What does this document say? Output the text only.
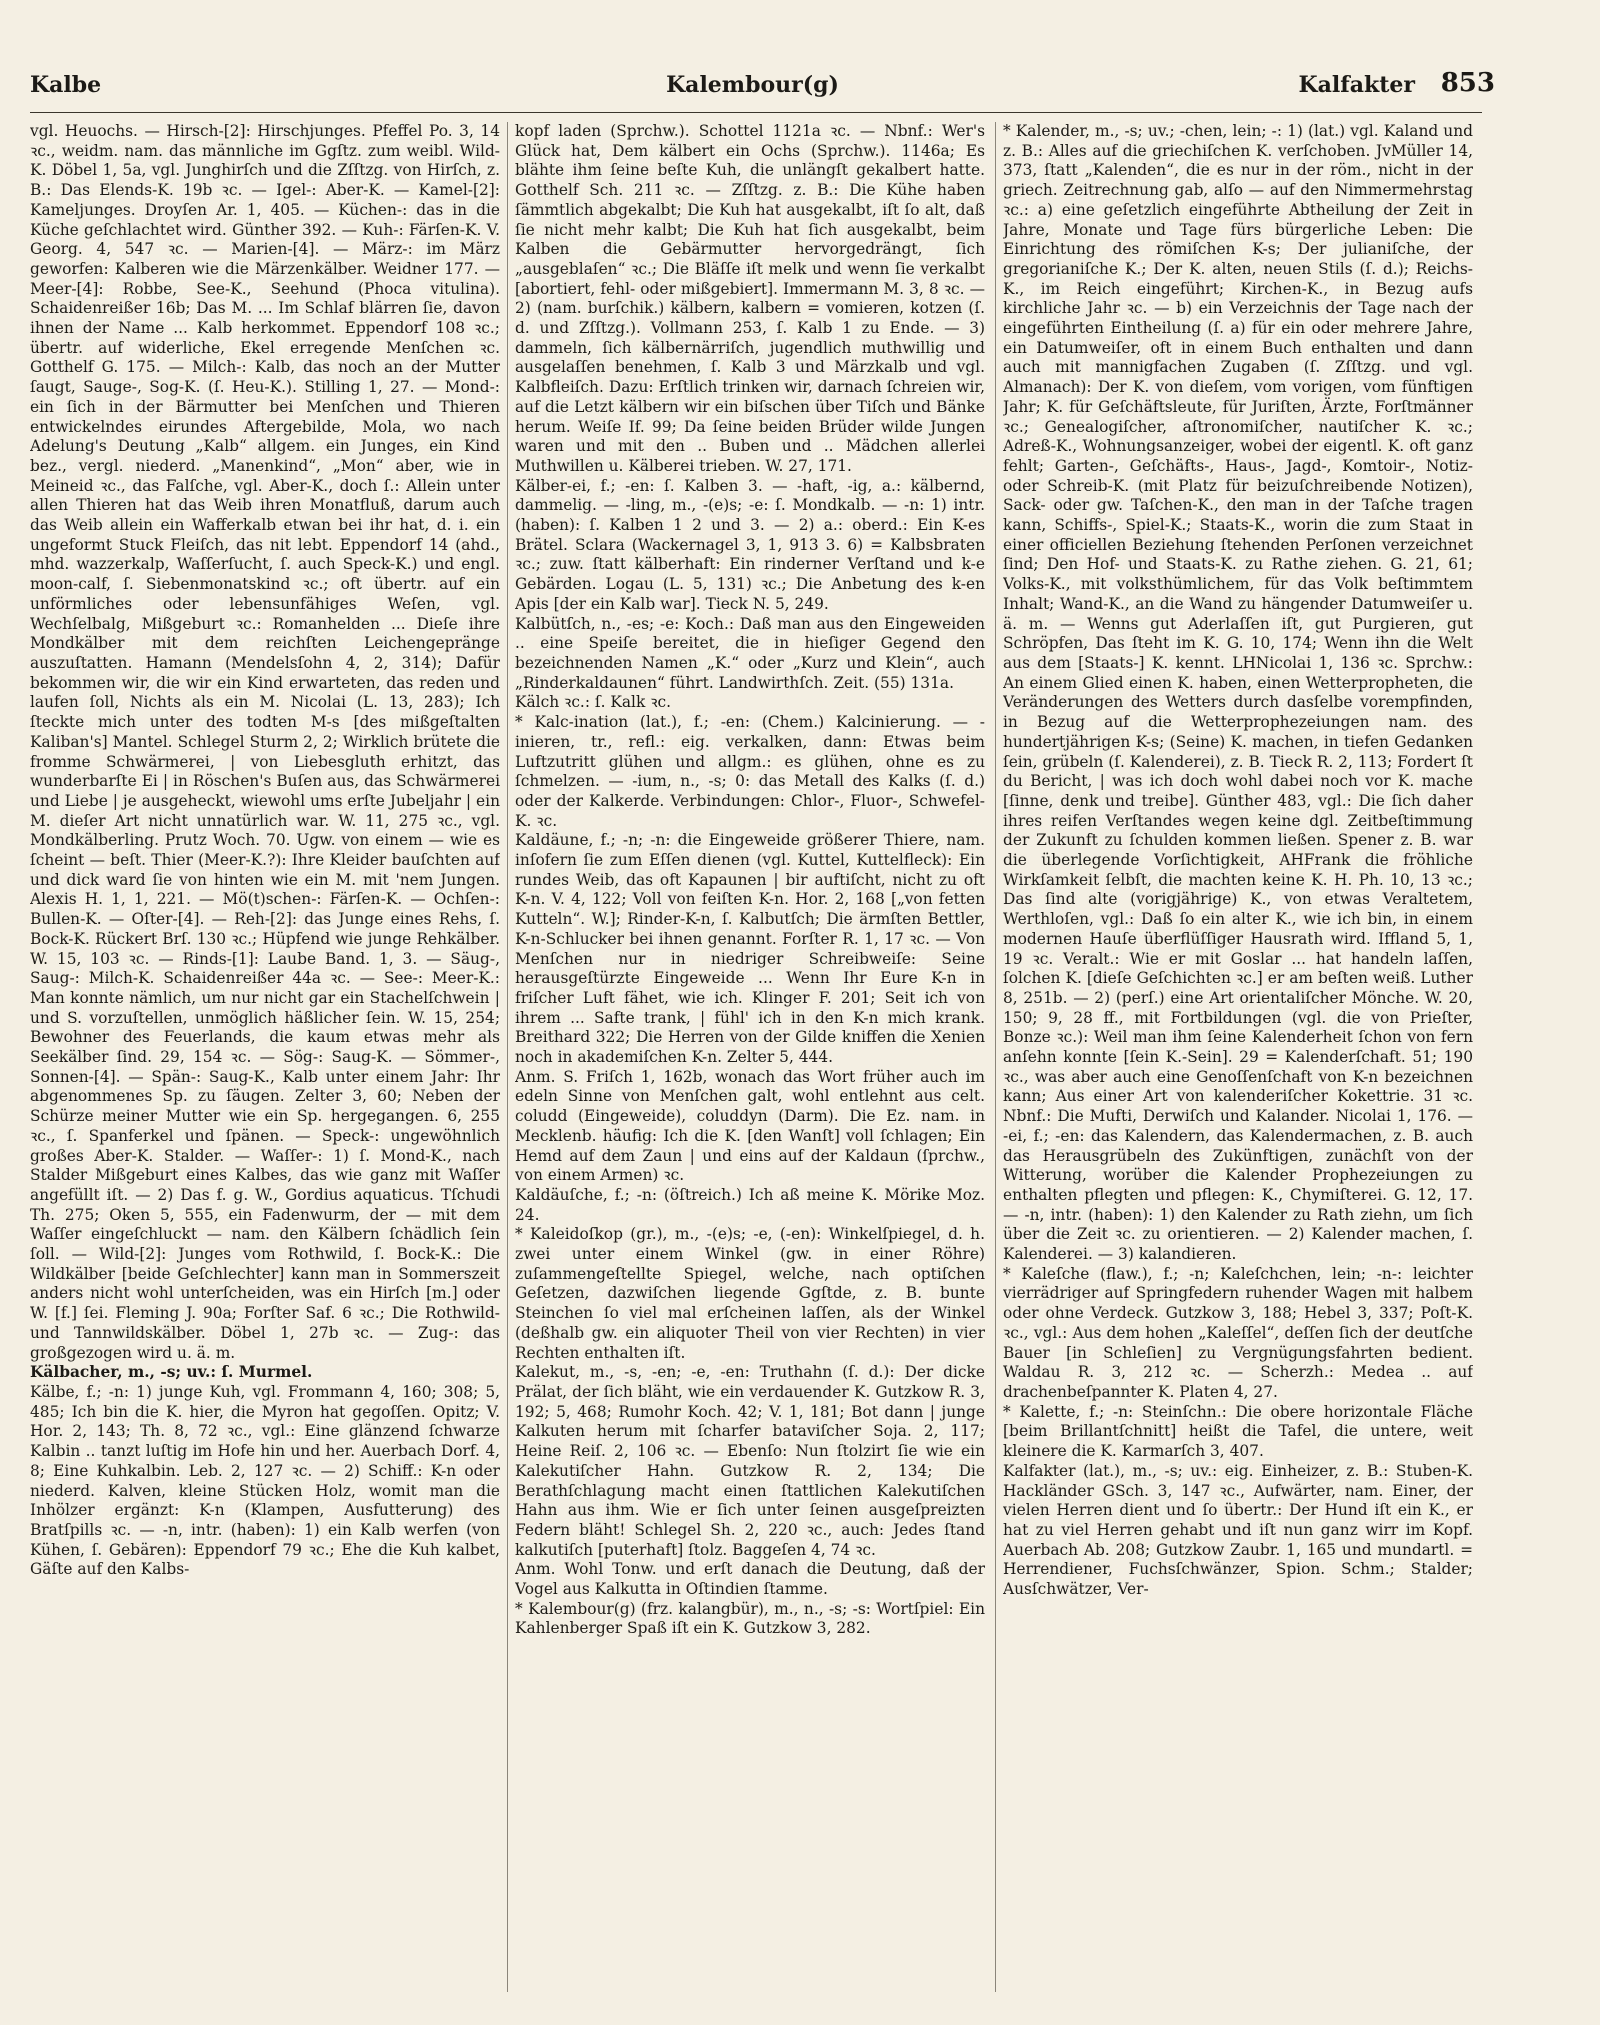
Kalbe	Kalembour(g)	Kalfakter 853

vgl. Heuochs. — Hirsch-[2]: Hirschjunges. Pfeffel Po. 3, 14 ꝛc., weidm. nam. das männliche im Ggſtz. zum weibl. Wild-K. Döbel 1, 5a, vgl. Junghirſch und die Zſſtzg. von Hirſch, z. B.: Das Elends-K. 19b ꝛc. — Igel-: Aber-K. — Kamel-[2]: Kameljunges. Droyſen Ar. 1, 405. — Küchen-: das in die Küche geſchlachtet wird. Günther 392. — Kuh-: Färſen-K. V. Georg. 4, 547 ꝛc. — Marien-[4]. — März-: im März geworfen: Kalberen wie die Märzenkälber. Weidner 177. — Meer-[4]: Robbe, See-K., Seehund (Phoca vitulina). Schaidenreißer 16b; Das M. ... Im Schlaf blärren ſie, davon ihnen der Name ... Kalb herkommet. Eppendorf 108 ꝛc.; übertr. auf widerliche, Ekel erregende Menſchen ꝛc. Gotthelf G. 175. — Milch-: Kalb, das noch an der Mutter ſaugt, Sauge-, Sog-K. (ſ. Heu-K.). Stilling 1, 27. — Mond-: ein ſich in der Bärmutter bei Menſchen und Thieren entwickelndes eirundes Aftergebilde, Mola, wo nach Adelung's Deutung „Kalb“ allgem. ein Junges, ein Kind bez., vergl. niederd. „Manenkind“, „Mon“ aber, wie in Meineid ꝛc., das Falſche, vgl. Aber-K., doch ſ.: Allein unter allen Thieren hat das Weib ihren Monatfluß, darum auch das Weib allein ein Wafferkalb etwan bei ihr hat, d. i. ein ungeformt Stuck Fleiſch, das nit lebt. Eppendorf 14 (ahd., mhd. wazzerkalp, Waſſerſucht, ſ. auch Speck-K.) und engl. moon-calf, ſ. Siebenmonatskind ꝛc.; oft übertr. auf ein unförmliches oder lebensunfähiges Weſen, vgl. Wechſelbalg, Mißgeburt ꝛc.: Romanhelden ... Dieſe ihre Mondkälber mit dem reichſten Leichengepränge auszuſtatten. Hamann (Mendelsſohn 4, 2, 314); Dafür bekommen wir, die wir ein Kind erwarteten, das reden und laufen ſoll, Nichts als ein M. Nicolai (L. 13, 283); Ich ſteckte mich unter des todten M-s [des mißgeſtalten Kaliban's] Mantel. Schlegel Sturm 2, 2; Wirklich brütete die fromme Schwärmerei, | von Liebesgluth erhitzt, das wunderbarſte Ei | in Röschen's Buſen aus, das Schwärmerei und Liebe | je ausgeheckt, wiewohl ums erſte Jubeljahr | ein M. dieſer Art nicht unnatürlich war. W. 11, 275 ꝛc., vgl. Mondkälberling. Prutz Woch. 70. Ugw. von einem — wie es ſcheint — beſt. Thier (Meer-K.?): Ihre Kleider bauſchten auf und dick ward ſie von hinten wie ein M. mit 'nem Jungen. Alexis H. 1, 1, 221. — Mö(t)schen-: Färſen-K. — Ochſen-: Bullen-K. — Oſter-[4]. — Reh-[2]: das Junge eines Rehs, ſ. Bock-K. Rückert Brſ. 130 ꝛc.; Hüpfend wie junge Rehkälber. W. 15, 103 ꝛc. — Rinds-[1]: Laube Band. 1, 3. — Säug-, Saug-: Milch-K. Schaidenreißer 44a ꝛc. — See-: Meer-K.: Man konnte nämlich, um nur nicht gar ein Stachelſchwein | und S. vorzuſtellen, unmöglich häßlicher ſein. W. 15, 254; Bewohner des Feuerlands, die kaum etwas mehr als Seekälber ſind. 29, 154 ꝛc. — Sög-: Saug-K. — Sömmer-, Sonnen-[4]. — Spän-: Saug-K., Kalb unter einem Jahr: Ihr abgenommenes Sp. zu ſäugen. Zelter 3, 60; Neben der Schürze meiner Mutter wie ein Sp. hergegangen. 6, 255 ꝛc., ſ. Spanferkel und ſpänen. — Speck-: ungewöhnlich großes Aber-K. Stalder. — Waſſer-: 1) ſ. Mond-K., nach Stalder Mißgeburt eines Kalbes, das wie ganz mit Waſſer angefüllt iſt. — 2) Das f. g. W., Gordius aquaticus. Tſchudi Th. 275; Oken 5, 555, ein Fadenwurm, der — mit dem Waſſer eingeſchluckt — nam. den Kälbern ſchädlich ſein ſoll. — Wild-[2]: Junges vom Rothwild, ſ. Bock-K.: Die Wildkälber [beide Geſchlechter] kann man in Sommerszeit anders nicht wohl unterſcheiden, was ein Hirſch [m.] oder W. [f.] ſei. Fleming J. 90a; Forſter Saf. 6 ꝛc.; Die Rothwild- und Tannwildskälber. Döbel 1, 27b ꝛc. — Zug-: das großgezogen wird u. ä. m.

Kälbacher, m., -s; uv.: ſ. Murmel.

Kälbe, f.; -n: 1) junge Kuh, vgl. Frommann 4, 160; 308; 5, 485; Ich bin die K. hier, die Myron hat gegoſſen. Opitz; V. Hor. 2, 143; Th. 8, 72 ꝛc., vgl.: Eine glänzend ſchwarze Kalbin .. tanzt luſtig im Hofe hin und her. Auerbach Dorf. 4, 8; Eine Kuhkalbin. Leb. 2, 127 ꝛc. — 2) Schiff.: K-n oder niederd. Kalven, kleine Stücken Holz, womit man die Inhölzer ergänzt: K-n (Klampen, Ausfutterung) des Bratſpills ꝛc. — -n, intr. (haben): 1) ein Kalb werfen (von Kühen, ſ. Gebären): Eppendorf 79 ꝛc.; Ehe die Kuh kalbet, Gäſte auf den Kalbs-

kopf laden (Sprchw.). Schottel 1121a ꝛc. — Nbnf.: Wer's Glück hat, Dem kälbert ein Ochs (Sprchw.). 1146a; Es blähte ihm ſeine beſte Kuh, die unlängſt gekalbert hatte. Gotthelf Sch. 211 ꝛc. — Zſſtzg. z. B.: Die Kühe haben ſämmtlich abgekalbt; Die Kuh hat ausgekalbt, iſt ſo alt, daß ſie nicht mehr kalbt; Die Kuh hat ſich ausgekalbt, beim Kalben die Gebärmutter hervorgedrängt, ſich „ausgeblaſen“ ꝛc.; Die Bläſſe iſt melk und wenn ſie verkalbt [abortiert, fehl- oder mißgebiert]. Immermann M. 3, 8 ꝛc. — 2) (nam. burſchik.) kälbern, kalbern = vomieren, kotzen (ſ. d. und Zſſtzg.). Vollmann 253, ſ. Kalb 1 zu Ende. — 3) dammeln, ſich kälbernärriſch, jugendlich muthwillig und ausgelaſſen benehmen, ſ. Kalb 3 und Märzkalb und vgl. Kalbfleiſch. Dazu: Erſtlich trinken wir, darnach ſchreien wir, auf die Letzt kälbern wir ein biſschen über Tiſch und Bänke herum. Weiſe If. 99; Da ſeine beiden Brüder wilde Jungen waren und mit den .. Buben und .. Mädchen allerlei Muthwillen u. Kälberei trieben. W. 27, 171.

Kälber-ei, f.; -en: ſ. Kalben 3. — -haft, -ig, a.: kälbernd, dammelig. — -ling, m., -(e)s; -e: ſ. Mondkalb. — -n: 1) intr. (haben): ſ. Kalben 1 2 und 3. — 2) a.: oberd.: Ein K-es Brätel. Sclara (Wackernagel 3, 1, 913 3. 6) = Kalbsbraten ꝛc.; zuw. ſtatt kälberhaft: Ein rinderner Verſtand und k-e Gebärden. Logau (L. 5, 131) ꝛc.; Die Anbetung des k-en Apis [der ein Kalb war]. Tieck N. 5, 249.

Kalbütſch, n., -es; -e: Koch.: Daß man aus den Eingeweiden .. eine Speiſe bereitet, die in hieſiger Gegend den bezeichnenden Namen „K.“ oder „Kurz und Klein“, auch „Rinderkaldaunen“ führt. Landwirthſch. Zeit. (55) 131a.

Kälch ꝛc.: ſ. Kalk ꝛc.

* Kalc-ination (lat.), f.; -en: (Chem.) Kalcinierung. — -inieren, tr., refl.: eig. verkalken, dann: Etwas beim Luftzutritt glühen und allgm.: es glühen, ohne es zu ſchmelzen. — -ium, n., -s; 0: das Metall des Kalks (ſ. d.) oder der Kalkerde. Verbindungen: Chlor-, Fluor-, Schwefel-K. ꝛc.

Kaldäune, f.; -n; -n: die Eingeweide größerer Thiere, nam. inſofern ſie zum Eſſen dienen (vgl. Kuttel, Kuttelfleck): Ein rundes Weib, das oft Kapaunen | bir auftiſcht, nicht zu oft K-n. V. 4, 122; Voll von feiſten K-n. Hor. 2, 168 [„von fetten Kutteln“. W.]; Rinder-K-n, ſ. Kalbutſch; Die ärmſten Bettler, K-n-Schlucker bei ihnen genannt. Forſter R. 1, 17 ꝛc. — Von Menſchen nur in niedriger Schreibweiſe: Seine herausgeſtürzte Eingeweide ... Wenn Ihr Eure K-n in friſcher Luft fähet, wie ich. Klinger F. 201; Seit ich von ihrem ... Safte trank, | fühl' ich in den K-n mich krank. Breithard 322; Die Herren von der Gilde kniffen die Xenien noch in akademiſchen K-n. Zelter 5, 444.

Anm. S. Friſch 1, 162b, wonach das Wort früher auch im edeln Sinne von Menſchen galt, wohl entlehnt aus celt. coludd (Eingeweide), coluddyn (Darm). Die Ez. nam. in Mecklenb. häufig: Ich die K. [den Wanſt] voll ſchlagen; Ein Hemd auf dem Zaun | und eins auf der Kaldaun (ſprchw., von einem Armen) ꝛc.

Kaldäuſche, f.; -n: (öſtreich.) Ich aß meine K. Mörike Moz. 24.

* Kaleidoſkop (gr.), m., -(e)s; -e, (-en): Winkelſpiegel, d. h. zwei unter einem Winkel (gw. in einer Röhre) zuſammengeſtellte Spiegel, welche, nach optiſchen Geſetzen, dazwiſchen liegende Ggſtde, z. B. bunte Steinchen ſo viel mal erſcheinen laſſen, als der Winkel (deßhalb gw. ein aliquoter Theil von vier Rechten) in vier Rechten enthalten iſt.

Kalekut, m., -s, -en; -e, -en: Truthahn (ſ. d.): Der dicke Prälat, der ſich bläht, wie ein verdauender K. Gutzkow R. 3, 192; 5, 468; Rumohr Koch. 42; V. 1, 181; Bot dann | junge Kalkuten herum mit ſcharfer bataviſcher Soja. 2, 117; Heine Reiſ. 2, 106 ꝛc. — Ebenſo: Nun ſtolzirt ſie wie ein Kalekutiſcher Hahn. Gutzkow R. 2, 134; Die Berathſchlagung macht einen ſtattlichen Kalekutiſchen Hahn aus ihm. Wie er ſich unter ſeinen ausgeſpreizten Federn bläht! Schlegel Sh. 2, 220 ꝛc., auch: Jedes ſtand kalkutiſch [puterhaft] ſtolz. Baggeſen 4, 74 ꝛc.

Anm. Wohl Tonw. und erſt danach die Deutung, daß der Vogel aus Kalkutta in Oſtindien ſtamme.

* Kalembour(g) (frz. kalangbür), m., n., -s; -s: Wortſpiel: Ein Kahlenberger Spaß iſt ein K. Gutzkow 3, 282.

* Kalender, m., -s; uv.; -chen, lein; -: 1) (lat.) vgl. Kaland und z. B.: Alles auf die griechiſchen K. verſchoben. JvMüller 14, 373, ſtatt „Kalenden“, die es nur in der röm., nicht in der griech. Zeitrechnung gab, alſo — auf den Nimmermehrstag ꝛc.: a) eine geſetzlich eingeführte Abtheilung der Zeit in Jahre, Monate und Tage fürs bürgerliche Leben: Die Einrichtung des römiſchen K-s; Der julianiſche, der gregorianiſche K.; Der K. alten, neuen Stils (ſ. d.); Reichs-K., im Reich eingeführt; Kirchen-K., in Bezug aufs kirchliche Jahr ꝛc. — b) ein Verzeichnis der Tage nach der eingeführten Eintheilung (ſ. a) für ein oder mehrere Jahre, ein Datumweiſer, oft in einem Buch enthalten und dann auch mit mannigfachen Zugaben (ſ. Zſſtzg. und vgl. Almanach): Der K. von dieſem, vom vorigen, vom fünftigen Jahr; K. für Geſchäftsleute, für Juriſten, Ärzte, Forſtmänner ꝛc.; Genealogiſcher, aſtronomiſcher, nautiſcher K. ꝛc.; Adreß-K., Wohnungsanzeiger, wobei der eigentl. K. oft ganz fehlt; Garten-, Geſchäfts-, Haus-, Jagd-, Komtoir-, Notiz- oder Schreib-K. (mit Platz für beizuſchreibende Notizen), Sack- oder gw. Taſchen-K., den man in der Taſche tragen kann, Schiffs-, Spiel-K.; Staats-K., worin die zum Staat in einer officiellen Beziehung ſtehenden Perſonen verzeichnet ſind; Den Hof- und Staats-K. zu Rathe ziehen. G. 21, 61; Volks-K., mit volksthümlichem, für das Volk beſtimmtem Inhalt; Wand-K., an die Wand zu hängender Datumweiſer u. ä. m. — Wenns gut Aderlaſſen iſt, gut Purgieren, gut Schröpfen, Das ſteht im K. G. 10, 174; Wenn ihn die Welt aus dem [Staats-] K. kennt. LHNicolai 1, 136 ꝛc. Sprchw.: An einem Glied einen K. haben, einen Wetterpropheten, die Veränderungen des Wetters durch dasſelbe vorempfinden, in Bezug auf die Wetterprophezeiungen nam. des hundertjährigen K-s; (Seine) K. machen, in tiefen Gedanken ſein, grübeln (ſ. Kalenderei), z. B. Tieck R. 2, 113; Fordert ſt du Bericht, | was ich doch wohl dabei noch vor K. mache [ſinne, denk und treibe]. Günther 483, vgl.: Die ſich daher ihres reifen Verſtandes wegen keine dgl. Zeitbeſtimmung der Zukunft zu ſchulden kommen ließen. Spener z. B. war die überlegende Vorſichtigkeit, AHFrank die fröhliche Wirkſamkeit ſelbſt, die machten keine K. H. Ph. 10, 13 ꝛc.; Das ſind alte (vorigjährige) K., von etwas Veraltetem, Werthloſen, vgl.: Daß ſo ein alter K., wie ich bin, in einem modernen Hauſe überflüſſiger Hausrath wird. Iffland 5, 1, 19 ꝛc. Veralt.: Wie er mit Goslar ... hat handeln laſſen, ſolchen K. [dieſe Geſchichten ꝛc.] er am beſten weiß. Luther 8, 251b. — 2) (perſ.) eine Art orientaliſcher Mönche. W. 20, 150; 9, 28 ff., mit Fortbildungen (vgl. die von Prieſter, Bonze ꝛc.): Weil man ihm ſeine Kalenderheit ſchon von fern anſehn konnte [ſein K.-Sein]. 29 = Kalenderſchaft. 51; 190 ꝛc., was aber auch eine Genoſſenſchaft von K-n bezeichnen kann; Aus einer Art von kalenderiſcher Kokettrie. 31 ꝛc. Nbnf.: Die Mufti, Derwiſch und Kalander. Nicolai 1, 176. — -ei, f.; -en: das Kalendern, das Kalendermachen, z. B. auch das Herausgrübeln des Zukünftigen, zunächſt von der Witterung, worüber die Kalender Prophezeiungen zu enthalten pflegten und pflegen: K., Chymiſterei. G. 12, 17. — -n, intr. (haben): 1) den Kalender zu Rath ziehn, um ſich über die Zeit ꝛc. zu orientieren. — 2) Kalender machen, ſ. Kalenderei. — 3) kalandieren.

* Kaleſche (flaw.), f.; -n; Kaleſchchen, lein; -n-: leichter vierrädriger auf Springfedern ruhender Wagen mit halbem oder ohne Verdeck. Gutzkow 3, 188; Hebel 3, 337; Poſt-K. ꝛc., vgl.: Aus dem hohen „Kaleſſel“, deſſen ſich der deutſche Bauer [in Schleſien] zu Vergnügungsfahrten bedient. Waldau R. 3, 212 ꝛc. — Scherzh.: Medea .. auf drachenbeſpannter K. Platen 4, 27.

* Kalette, f.; -n: Steinſchn.: Die obere horizontale Fläche [beim Brillantſchnitt] heißt die Tafel, die untere, weit kleinere die K. Karmarſch 3, 407.

Kalfakter (lat.), m., -s; uv.: eig. Einheizer, z. B.: Stuben-K. Hackländer GSch. 3, 147 ꝛc., Aufwärter, nam. Einer, der vielen Herren dient und ſo übertr.: Der Hund iſt ein K., er hat zu viel Herren gehabt und iſt nun ganz wirr im Kopf. Auerbach Ab. 208; Gutzkow Zaubr. 1, 165 und mundartl. = Herrendiener, Fuchsſchwänzer, Spion. Schm.; Stalder; Ausſchwätzer, Ver-
